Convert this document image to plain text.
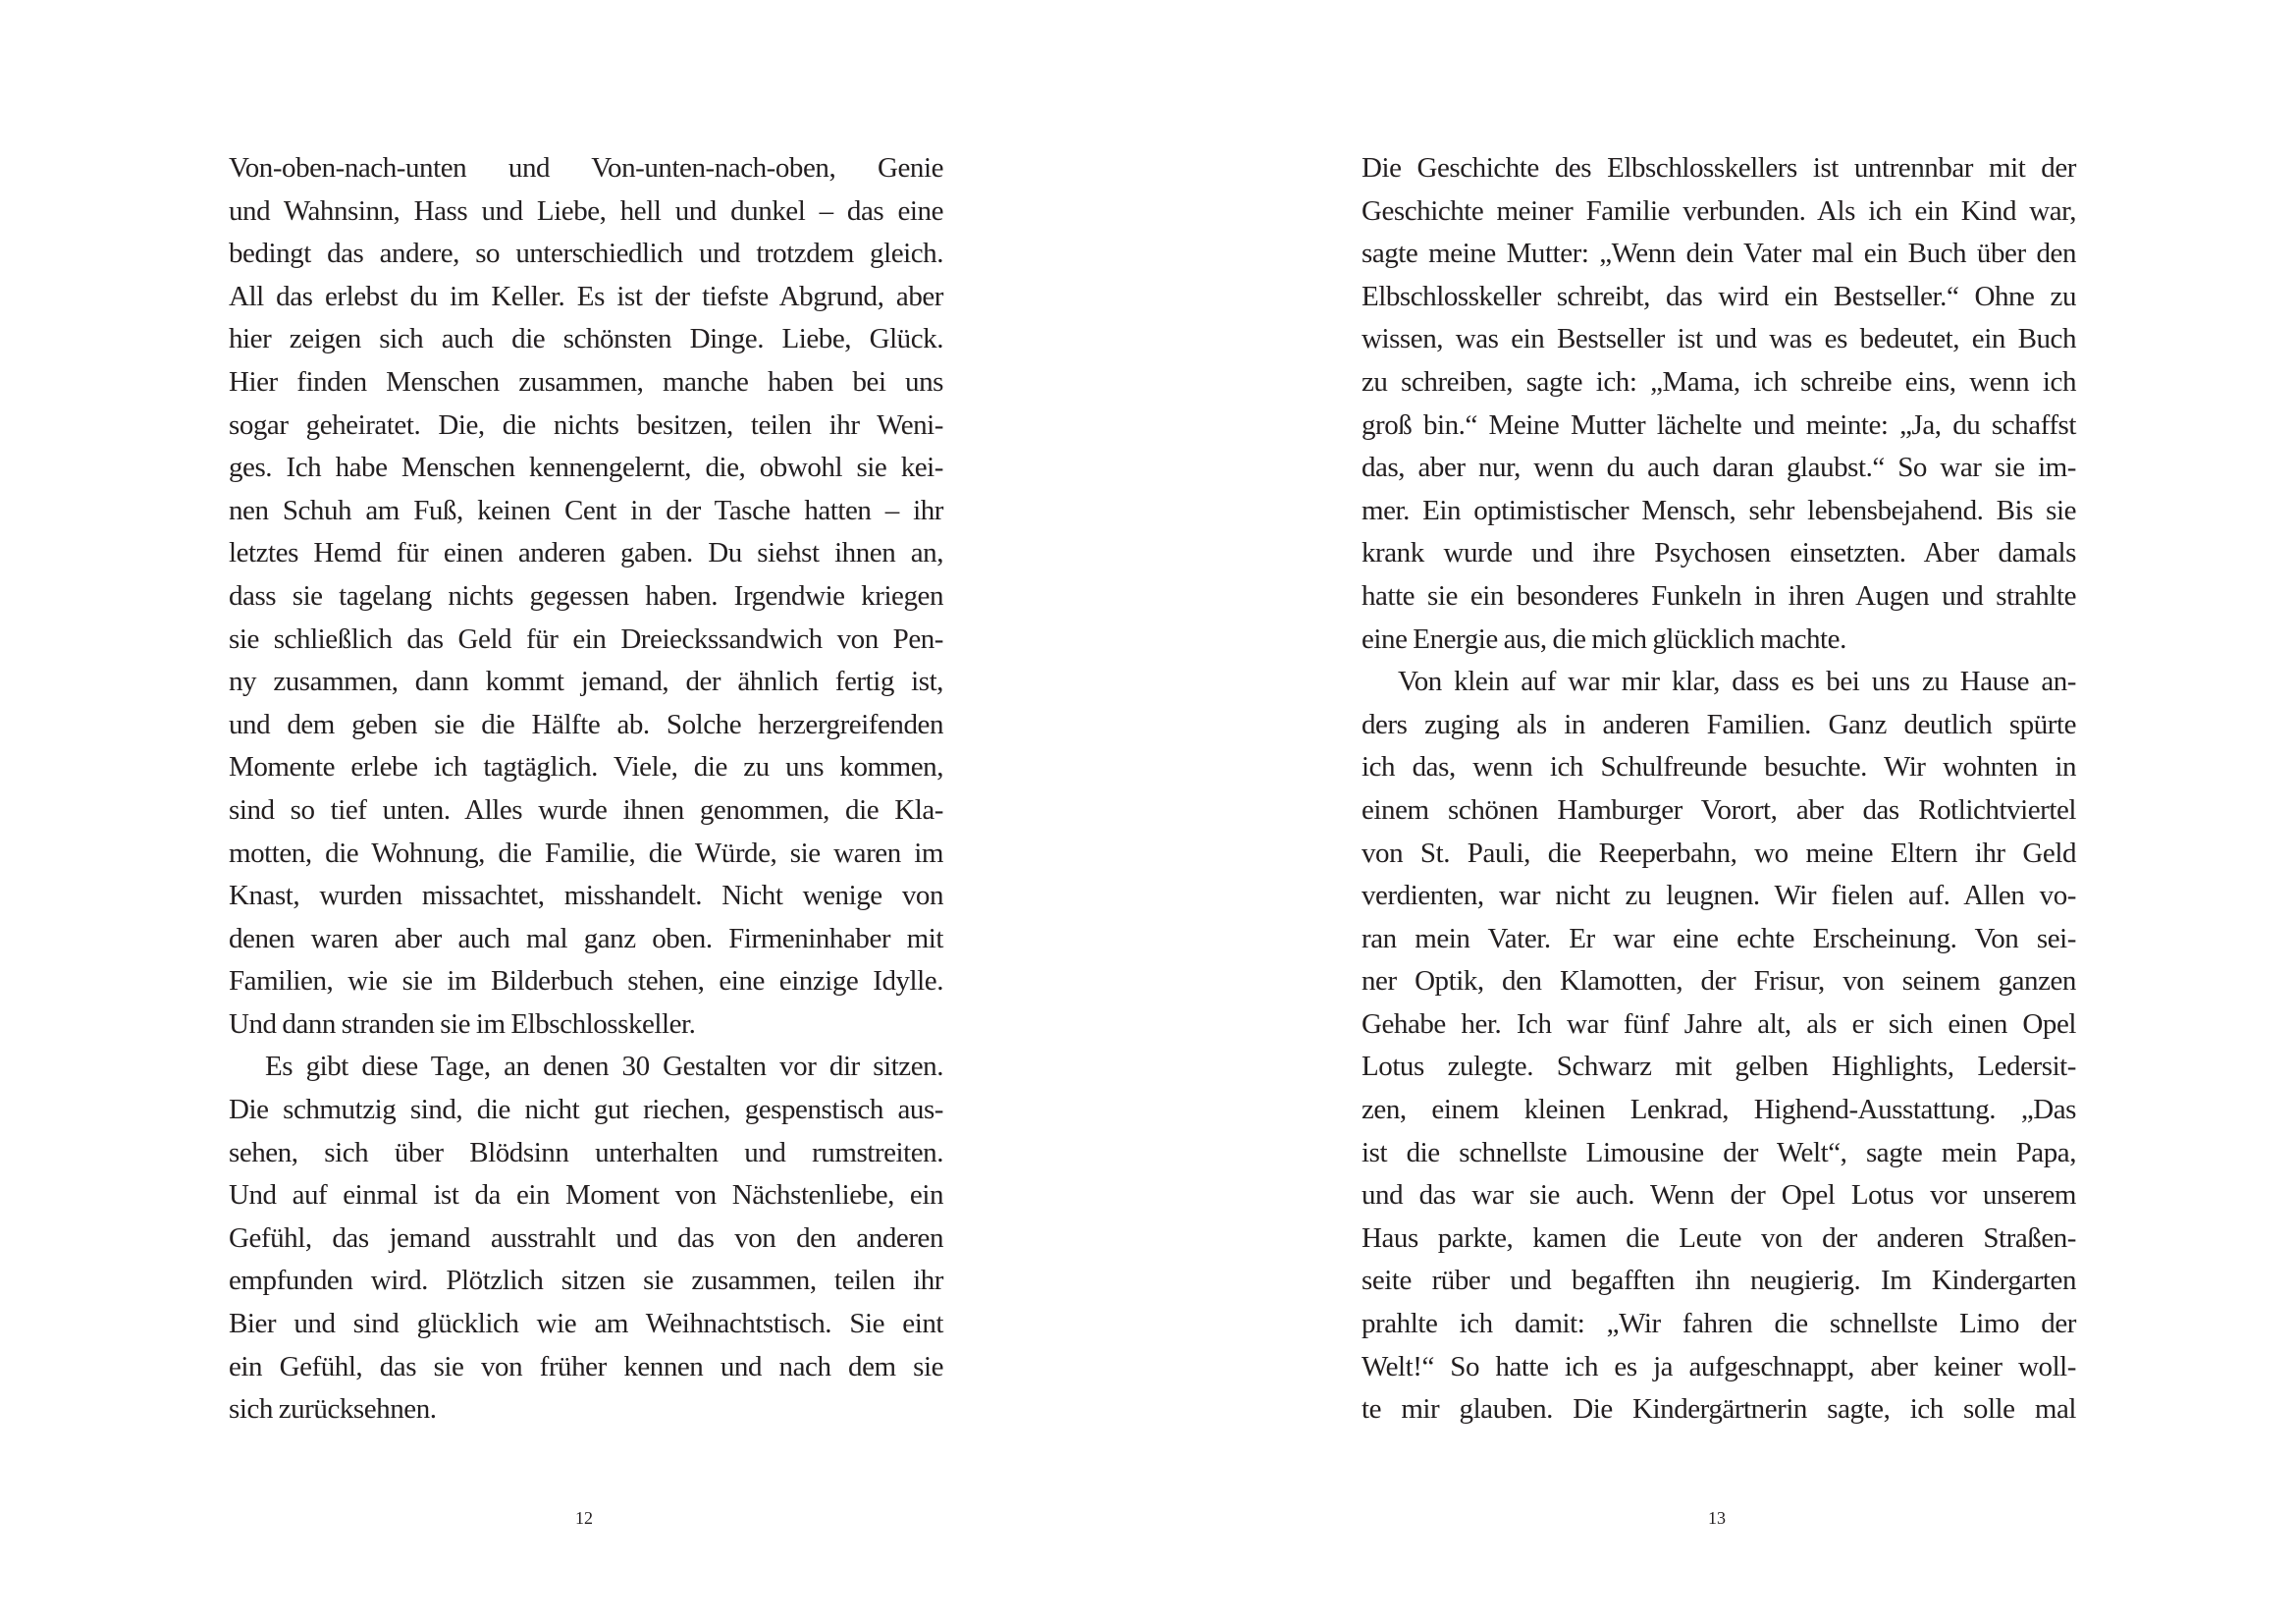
Von-oben-nach-unten und Von-unten-nach-oben, Genie
und Wahnsinn, Hass und Liebe, hell und dunkel – das eine
bedingt das andere, so unterschiedlich und trotzdem gleich.
All das erlebst du im Keller. Es ist der tiefste Abgrund, aber
hier zeigen sich auch die schönsten Dinge. Liebe, Glück.
Hier finden Menschen zusammen, manche haben bei uns
sogar geheiratet. Die, die nichts besitzen, teilen ihr Weni-
ges. Ich habe Menschen kennengelernt, die, obwohl sie kei-
nen Schuh am Fuß, keinen Cent in der Tasche hatten – ihr
letztes Hemd für einen anderen gaben. Du siehst ihnen an,
dass sie tagelang nichts gegessen haben. Irgendwie kriegen
sie schließlich das Geld für ein Dreieckssandwich von Pen-
ny zusammen, dann kommt jemand, der ähnlich fertig ist,
und dem geben sie die Hälfte ab. Solche herzergreifenden
Momente erlebe ich tagtäglich. Viele, die zu uns kommen,
sind so tief unten. Alles wurde ihnen genommen, die Kla-
motten, die Wohnung, die Familie, die Würde, sie waren im
Knast, wurden missachtet, misshandelt. Nicht wenige von
denen waren aber auch mal ganz oben. Firmeninhaber mit
Familien, wie sie im Bilderbuch stehen, eine einzige Idylle.
Und dann stranden sie im Elbschlosskeller.
Es gibt diese Tage, an denen 30 Gestalten vor dir sitzen.
Die schmutzig sind, die nicht gut riechen, gespenstisch aus-
sehen, sich über Blödsinn unterhalten und rumstreiten.
Und auf einmal ist da ein Moment von Nächstenliebe, ein
Gefühl, das jemand ausstrahlt und das von den anderen
empfunden wird. Plötzlich sitzen sie zusammen, teilen ihr
Bier und sind glücklich wie am Weihnachtstisch. Sie eint
ein Gefühl, das sie von früher kennen und nach dem sie
sich zurücksehnen.
12
Die Geschichte des Elbschlosskellers ist untrennbar mit der
Geschichte meiner Familie verbunden. Als ich ein Kind war,
sagte meine Mutter: „Wenn dein Vater mal ein Buch über den
Elbschlosskeller schreibt, das wird ein Bestseller.“ Ohne zu
wissen, was ein Bestseller ist und was es bedeutet, ein Buch
zu schreiben, sagte ich: „Mama, ich schreibe eins, wenn ich
groß bin.“ Meine Mutter lächelte und meinte: „Ja, du schaffst
das, aber nur, wenn du auch daran glaubst.“ So war sie im-
mer. Ein optimistischer Mensch, sehr lebensbejahend. Bis sie
krank wurde und ihre Psychosen einsetzten. Aber damals
hatte sie ein besonderes Funkeln in ihren Augen und strahlte
eine Energie aus, die mich glücklich machte.
Von klein auf war mir klar, dass es bei uns zu Hause an-
ders zuging als in anderen Familien. Ganz deutlich spürte
ich das, wenn ich Schulfreunde besuchte. Wir wohnten in
einem schönen Hamburger Vorort, aber das Rotlichtviertel
von St. Pauli, die Reeperbahn, wo meine Eltern ihr Geld
verdienten, war nicht zu leugnen. Wir fielen auf. Allen vo-
ran mein Vater. Er war eine echte Erscheinung. Von sei-
ner Optik, den Klamotten, der Frisur, von seinem ganzen
Gehabe her. Ich war fünf Jahre alt, als er sich einen Opel
Lotus zulegte. Schwarz mit gelben Highlights, Ledersit-
zen, einem kleinen Lenkrad, Highend-Ausstattung. „Das
ist die schnellste Limousine der Welt“, sagte mein Papa,
und das war sie auch. Wenn der Opel Lotus vor unserem
Haus parkte, kamen die Leute von der anderen Straßen-
seite rüber und begafften ihn neugierig. Im Kindergarten
prahlte ich damit: „Wir fahren die schnellste Limo der
Welt!“ So hatte ich es ja aufgeschnappt, aber keiner woll-
te mir glauben. Die Kindergärtnerin sagte, ich solle mal
13
